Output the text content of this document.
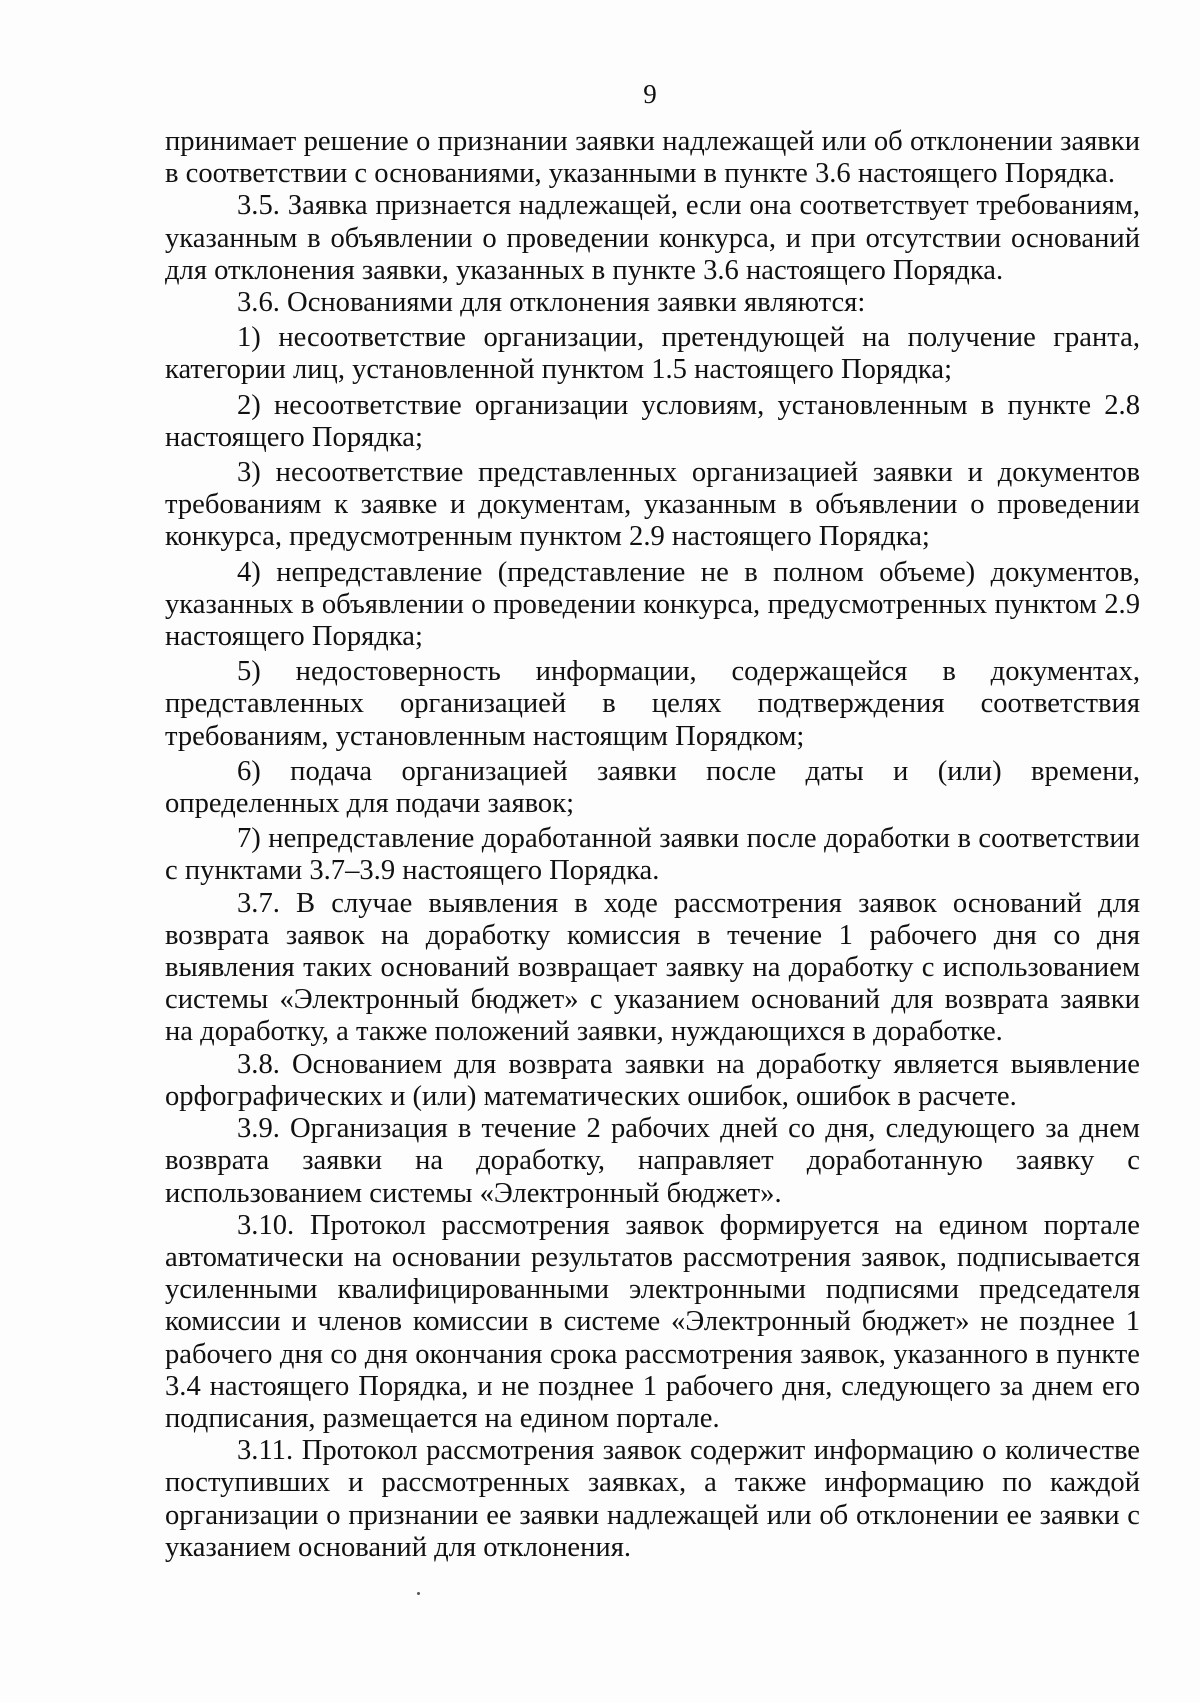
9

принимает решение о признании заявки надлежащей или об отклонении заявки в соответствии с основаниями, указанными в пункте 3.6 настоящего Порядка.

3.5. Заявка признается надлежащей, если она соответствует требованиям, указанным в объявлении о проведении конкурса, и при отсутствии оснований для отклонения заявки, указанных в пункте 3.6 настоящего Порядка.

3.6. Основаниями для отклонения заявки являются:

1) несоответствие организации, претендующей на получение гранта, категории лиц, установленной пунктом 1.5 настоящего Порядка;

2) несоответствие организации условиям, установленным в пункте 2.8 настоящего Порядка;

3) несоответствие представленных организацией заявки и документов требованиям к заявке и документам, указанным в объявлении о проведении конкурса, предусмотренным пунктом 2.9 настоящего Порядка;

4) непредставление (представление не в полном объеме) документов, указанных в объявлении о проведении конкурса, предусмотренных пунктом 2.9 настоящего Порядка;

5) недостоверность информации, содержащейся в документах, представленных организацией в целях подтверждения соответствия требованиям, установленным настоящим Порядком;

6) подача организацией заявки после даты и (или) времени, определенных для подачи заявок;

7) непредставление доработанной заявки после доработки в соответствии с пунктами 3.7–3.9 настоящего Порядка.

3.7. В случае выявления в ходе рассмотрения заявок оснований для возврата заявок на доработку комиссия в течение 1 рабочего дня со дня выявления таких оснований возвращает заявку на доработку с использованием системы «Электронный бюджет» с указанием оснований для возврата заявки на доработку, а также положений заявки, нуждающихся в доработке.

3.8. Основанием для возврата заявки на доработку является выявление орфографических и (или) математических ошибок, ошибок в расчете.

3.9. Организация в течение 2 рабочих дней со дня, следующего за днем возврата заявки на доработку, направляет доработанную заявку с использованием системы «Электронный бюджет».

3.10. Протокол рассмотрения заявок формируется на едином портале автоматически на основании результатов рассмотрения заявок, подписывается усиленными квалифицированными электронными подписями председателя комиссии и членов комиссии в системе «Электронный бюджет» не позднее 1 рабочего дня со дня окончания срока рассмотрения заявок, указанного в пункте 3.4 настоящего Порядка, и не позднее 1 рабочего дня, следующего за днем его подписания, размещается на едином портале.

3.11. Протокол рассмотрения заявок содержит информацию о количестве поступивших и рассмотренных заявках, а также информацию по каждой организации о признании ее заявки надлежащей или об отклонении ее заявки с указанием оснований для отклонения.
